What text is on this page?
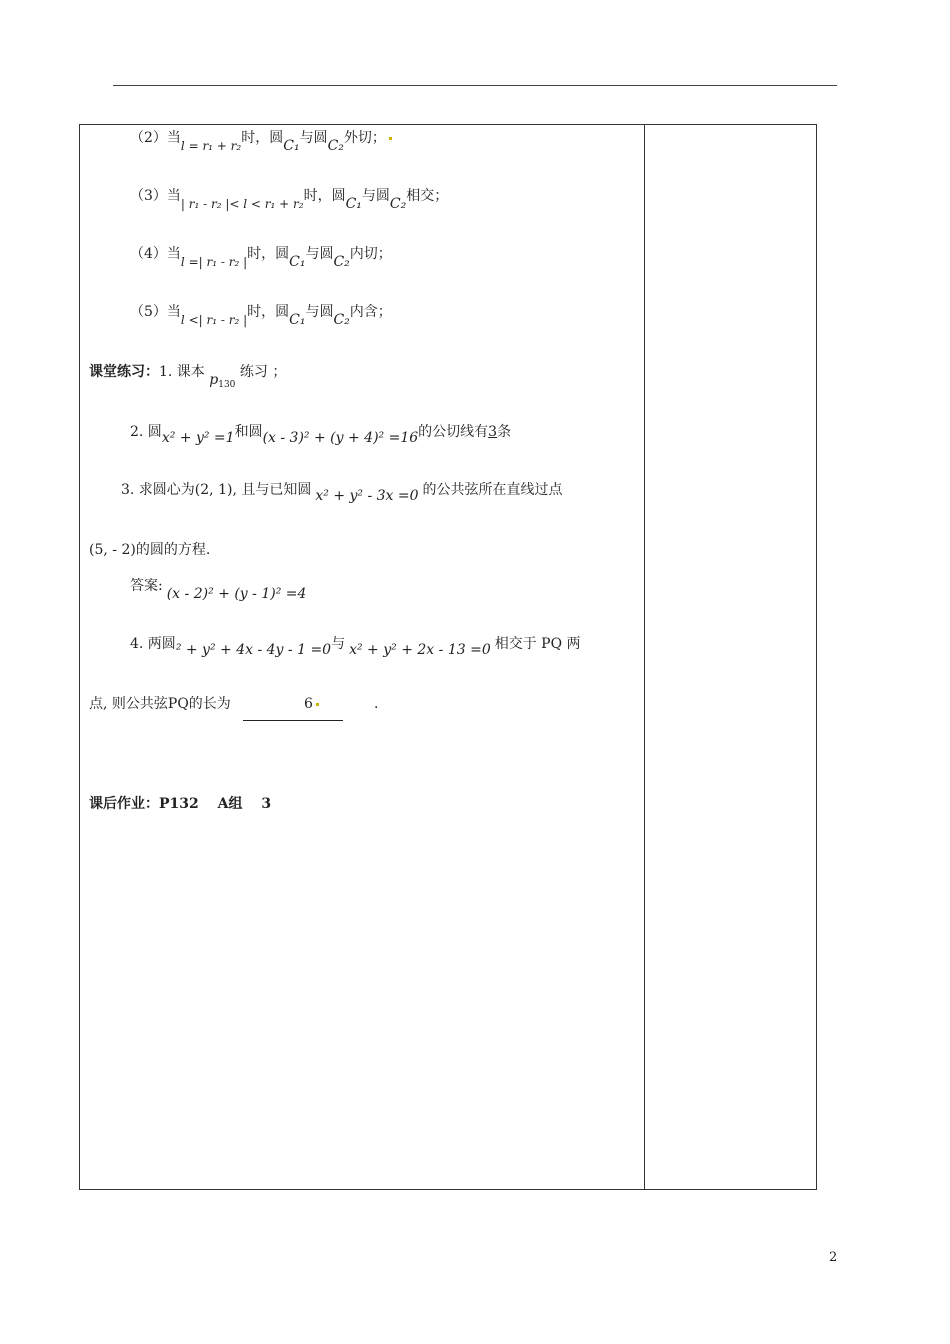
（2）当l = r₁ + r₂时，圆C₁与圆C₂外切；
（3）当| r₁ - r₂ |< l < r₁ + r₂时，圆C₁与圆C₂相交；
（4）当l =| r₁ - r₂ |时，圆C₁与圆C₂内切；
（5）当l <| r₁ - r₂ |时，圆C₁与圆C₂内含；
课堂练习：1. 课本 $p_{130}$ 练习 ；
2. 圆x² + y² =1和圆(x - 3)² + (y + 4)² =16的公切线有3条
3. 求圆心为(2, 1), 且与已知圆 x² + y² - 3x =0 的公共弦所在直线过点
(5, - 2)的圆的方程.
答案: (x - 2)² + (y - 1)² =4
4. 两圆² + y² + 4x - 4y - 1 =0与 x² + y² + 2x - 13 =0 相交于 PQ 两
点, 则公共弦PQ的长为	6	.
课后作业：P132　 A组　 3
2
